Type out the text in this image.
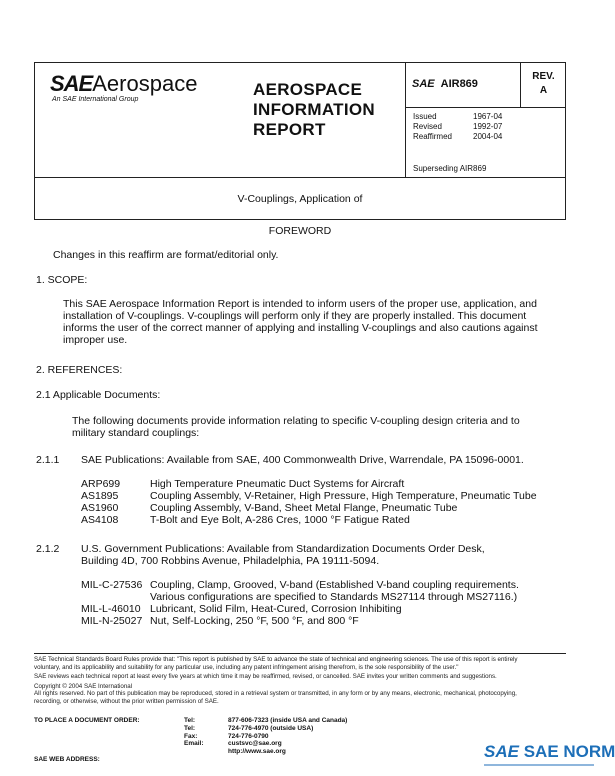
SAEAerospace
An SAE International Group
AEROSPACE
INFORMATION
REPORT
SAE AIR869
REV.
A
Issued	1967-04
Revised	1992-07
Reaffirmed	2004-04
Superseding AIR869
V-Couplings, Application of
FOREWORD
Changes in this reaffirm are format/editorial only.
1. SCOPE:
This SAE Aerospace Information Report is intended to inform users of the proper use, application, and
installation of V-couplings. V-couplings will perform only if they are properly installed. This document
informs the user of the correct manner of applying and installing V-couplings and also cautions against
improper use.
2. REFERENCES:
2.1 Applicable Documents:
The following documents provide information relating to specific V-coupling design criteria and to
military standard couplings:
2.1.1 SAE Publications: Available from SAE, 400 Commonwealth Drive, Warrendale, PA 15096-0001.
ARP699	High Temperature Pneumatic Duct Systems for Aircraft
AS1895	Coupling Assembly, V-Retainer, High Pressure, High Temperature, Pneumatic Tube
AS1960	Coupling Assembly, V-Band, Sheet Metal Flange, Pneumatic Tube
AS4108	T-Bolt and Eye Bolt, A-286 Cres, 1000 °F Fatigue Rated
2.1.2 U.S. Government Publications: Available from Standardization Documents Order Desk,
Building 4D, 700 Robbins Avenue, Philadelphia, PA 19111-5094.
MIL-C-27536 Coupling, Clamp, Grooved, V-band (Established V-band coupling requirements.
Various configurations are specified to Standards MS27114 through MS27116.)
MIL-L-46010 Lubricant, Solid Film, Heat-Cured, Corrosion Inhibiting
MIL-N-25027 Nut, Self-Locking, 250 °F, 500 °F, and 800 °F
SAE Technical Standards Board Rules provide that: "This report is published by SAE to advance the state of technical and engineering sciences. The use of this report is entirely
voluntary, and its applicability and suitability for any particular use, including any patent infringement arising therefrom, is the sole responsibility of the user."
SAE reviews each technical report at least every five years at which time it may be reaffirmed, revised, or cancelled. SAE invites your written comments and suggestions.
Copyright © 2004 SAE International
All rights reserved. No part of this publication may be reproduced, stored in a retrieval system or transmitted, in any form or by any means, electronic, mechanical, photocopying,
recording, or otherwise, without the prior written permission of SAE.
TO PLACE A DOCUMENT ORDER:
SAE WEB ADDRESS:
Tel:	877-606-7323 (inside USA and Canada)
Tel:	724-776-4970 (outside USA)
Fax:	724-776-0790
Email:	custsvc@sae.org
http://www.sae.org	SAE SAE NORM
